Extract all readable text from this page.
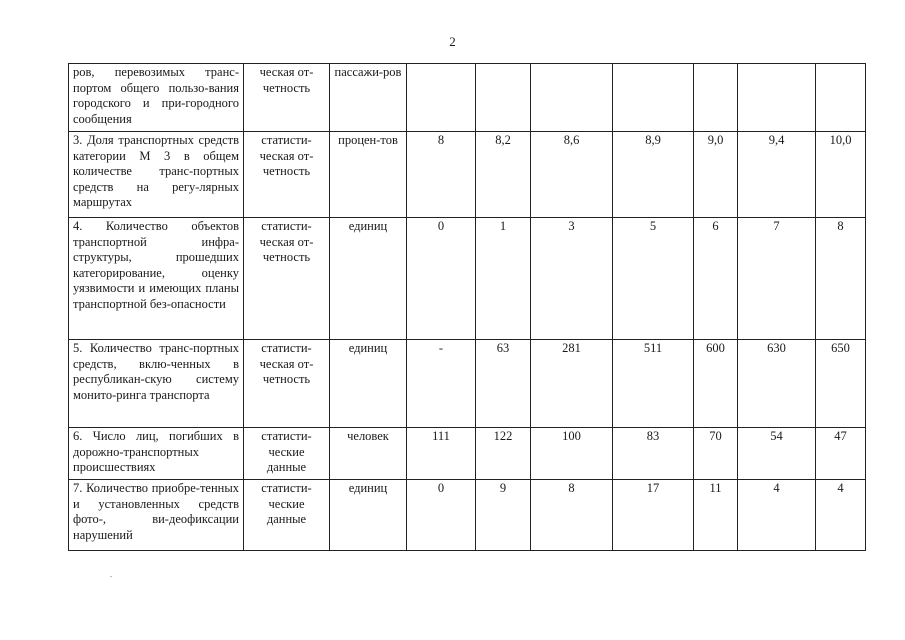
2
ров, перевозимых транс-портом общего пользо-вания городского и при-городного сообщения	ческая от-четность	пассажи-ров							
3. Доля транспортных средств категории М 3 в общем количестве транс-портных средств на регу-лярных маршрутах	статисти-ческая от-четность	процен-тов	8	8,2	8,6	8,9	9,0	9,4	10,0
4. Количество объектов транспортной инфра-структуры, прошедших категорирование, оценку уязвимости и имеющих планы транспортной без-опасности	статисти-ческая от-четность	единиц	0	1	3	5	6	7	8
5. Количество транс-портных средств, вклю-ченных в республикан-скую систему монито-ринга транспорта	статисти-ческая от-четность	единиц	-	63	281	511	600	630	650
6. Число лиц, погибших в дорожно-транспортных происшествиях	статисти-ческие данные	человек	111	122	100	83	70	54	47
7. Количество приобре-тенных и установленных средств фото-, ви-деофиксации нарушений	статисти-ческие данные	единиц	0	9	8	17	11	4	4
